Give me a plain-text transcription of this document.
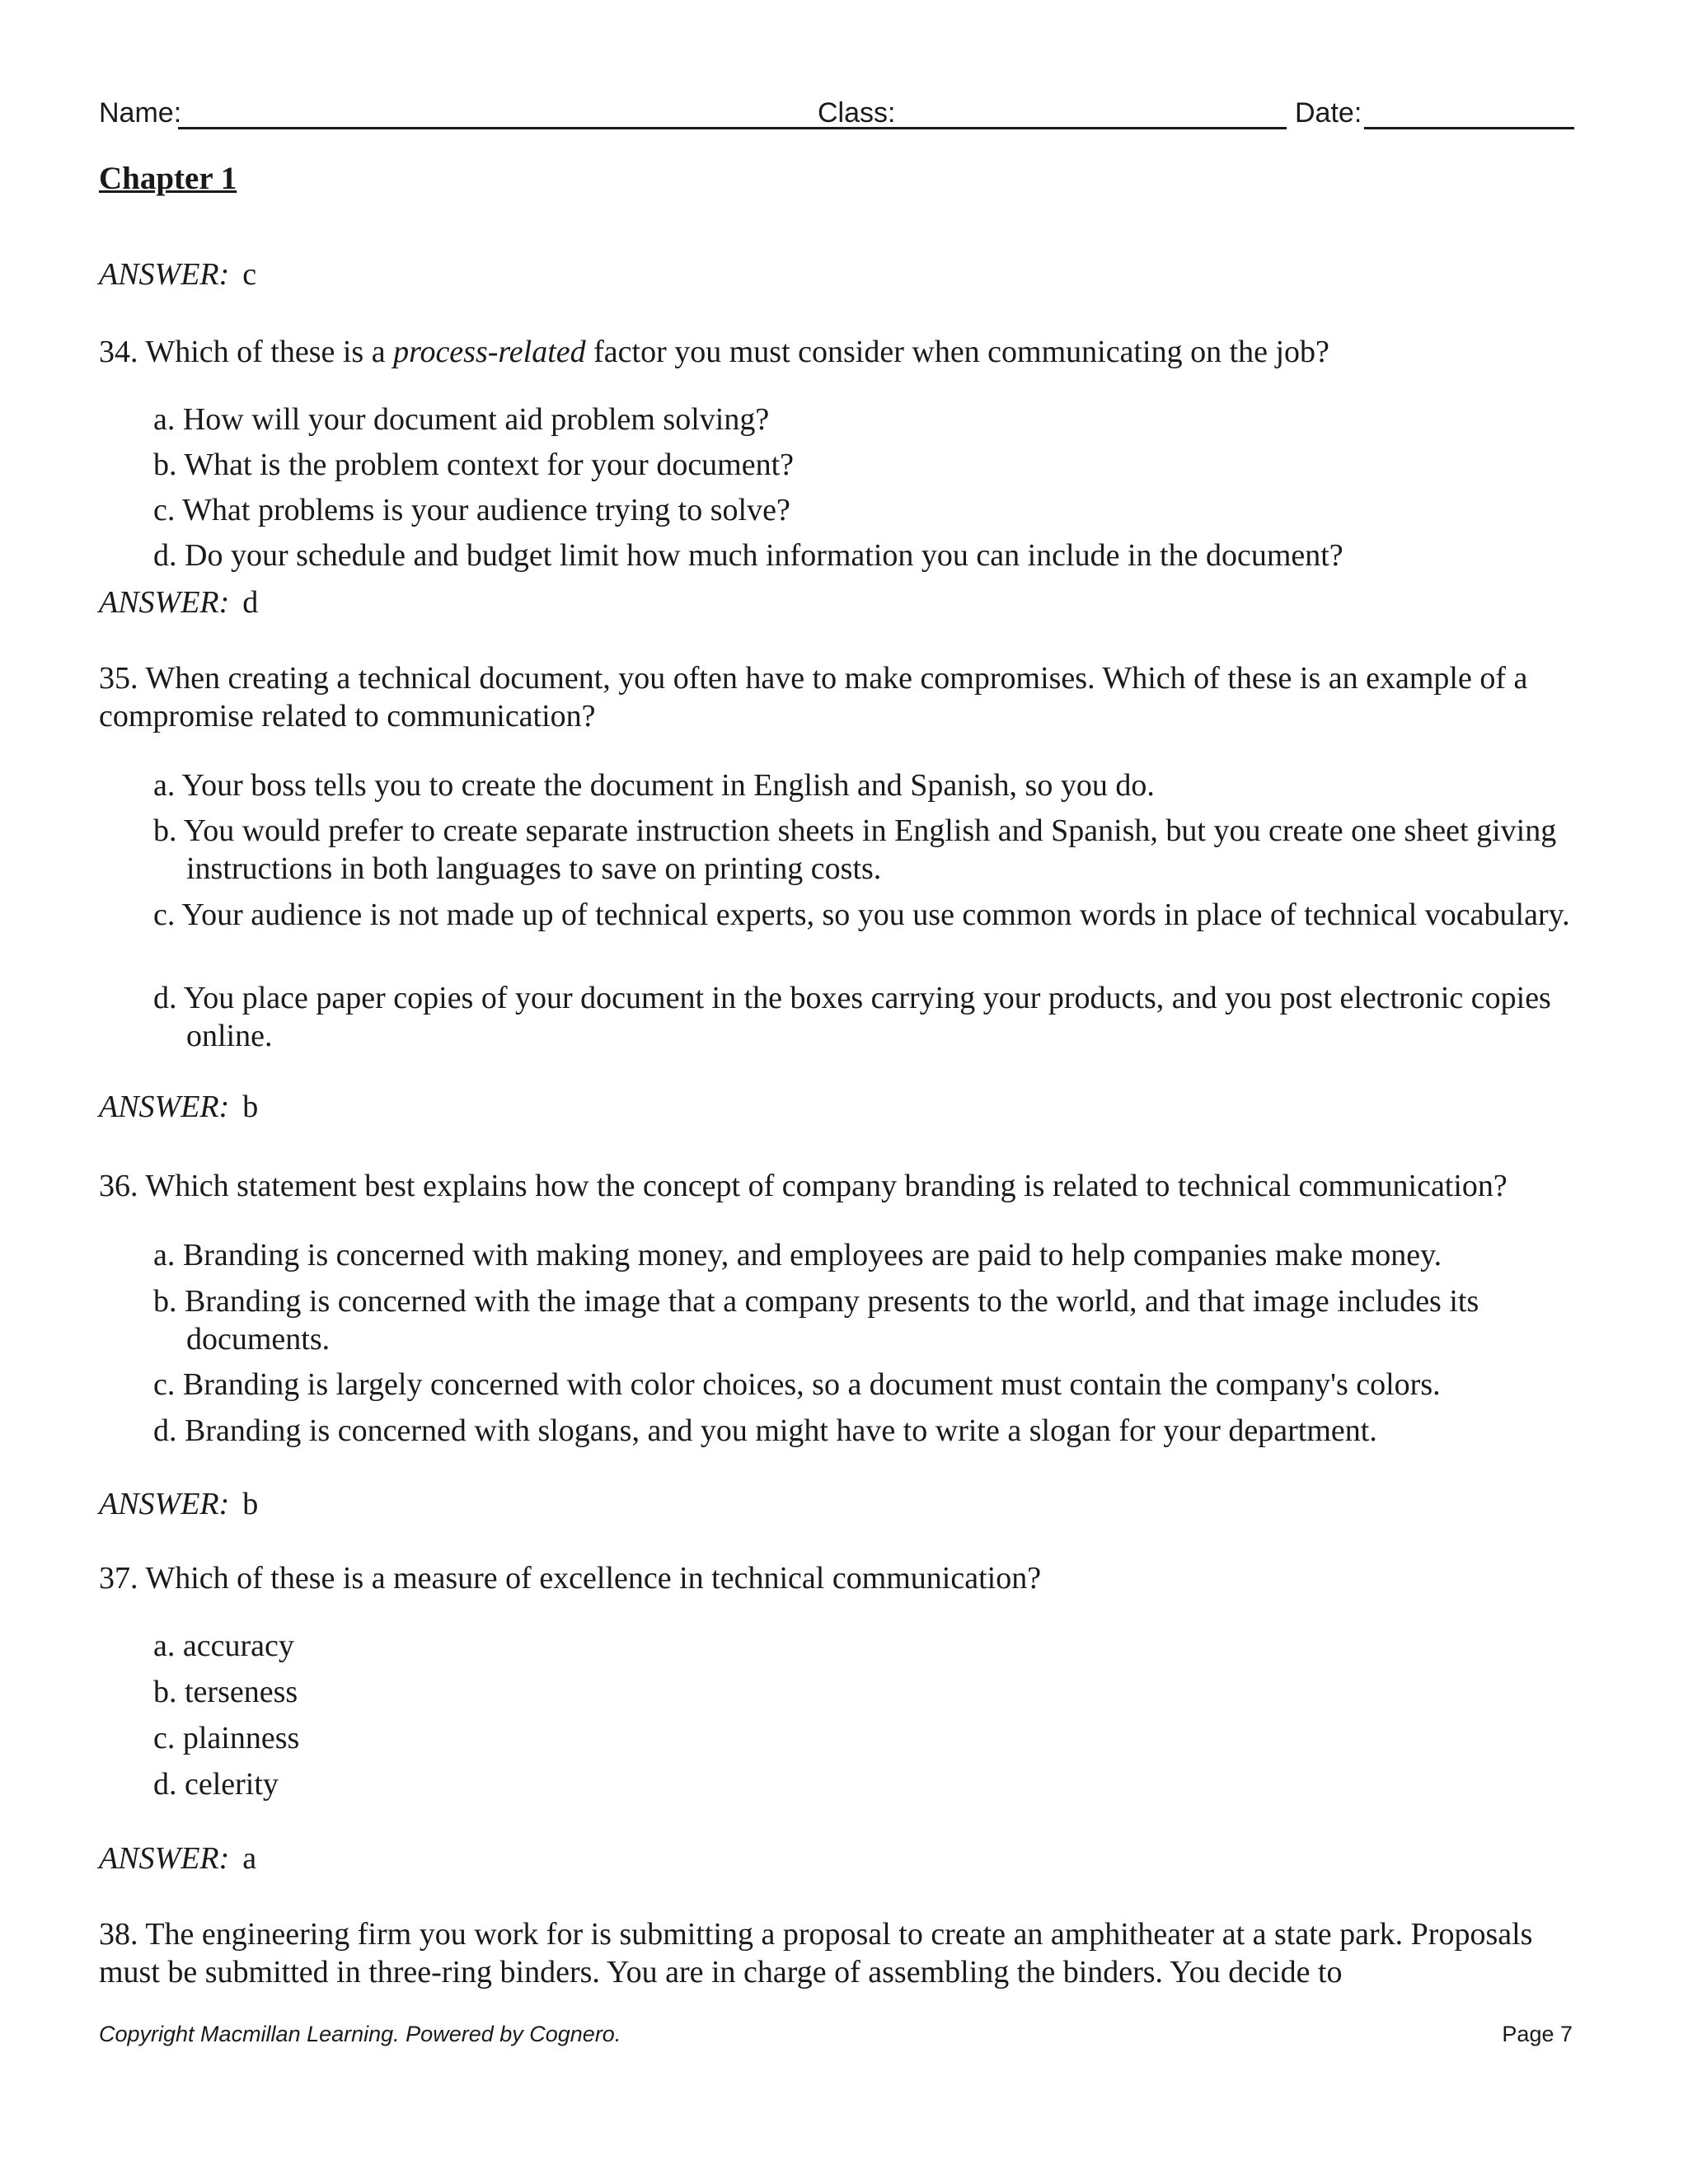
Name:	Class:	Date:
Chapter 1
ANSWER: c
34. Which of these is a process-related factor you must consider when communicating on the job?
a. How will your document aid problem solving?
b. What is the problem context for your document?
c. What problems is your audience trying to solve?
d. Do your schedule and budget limit how much information you can include in the document?
ANSWER: d
35. When creating a technical document, you often have to make compromises. Which of these is an example of a compromise related to communication?
a. Your boss tells you to create the document in English and Spanish, so you do.
b. You would prefer to create separate instruction sheets in English and Spanish, but you create one sheet giving instructions in both languages to save on printing costs.
c. Your audience is not made up of technical experts, so you use common words in place of technical vocabulary.
d. You place paper copies of your document in the boxes carrying your products, and you post electronic copies online.
ANSWER: b
36. Which statement best explains how the concept of company branding is related to technical communication?
a. Branding is concerned with making money, and employees are paid to help companies make money.
b. Branding is concerned with the image that a company presents to the world, and that image includes its documents.
c. Branding is largely concerned with color choices, so a document must contain the company's colors.
d. Branding is concerned with slogans, and you might have to write a slogan for your department.
ANSWER: b
37. Which of these is a measure of excellence in technical communication?
a. accuracy
b. terseness
c. plainness
d. celerity
ANSWER: a
38. The engineering firm you work for is submitting a proposal to create an amphitheater at a state park. Proposals must be submitted in three-ring binders. You are in charge of assembling the binders. You decide to
Copyright Macmillan Learning. Powered by Cognero.	Page 7
